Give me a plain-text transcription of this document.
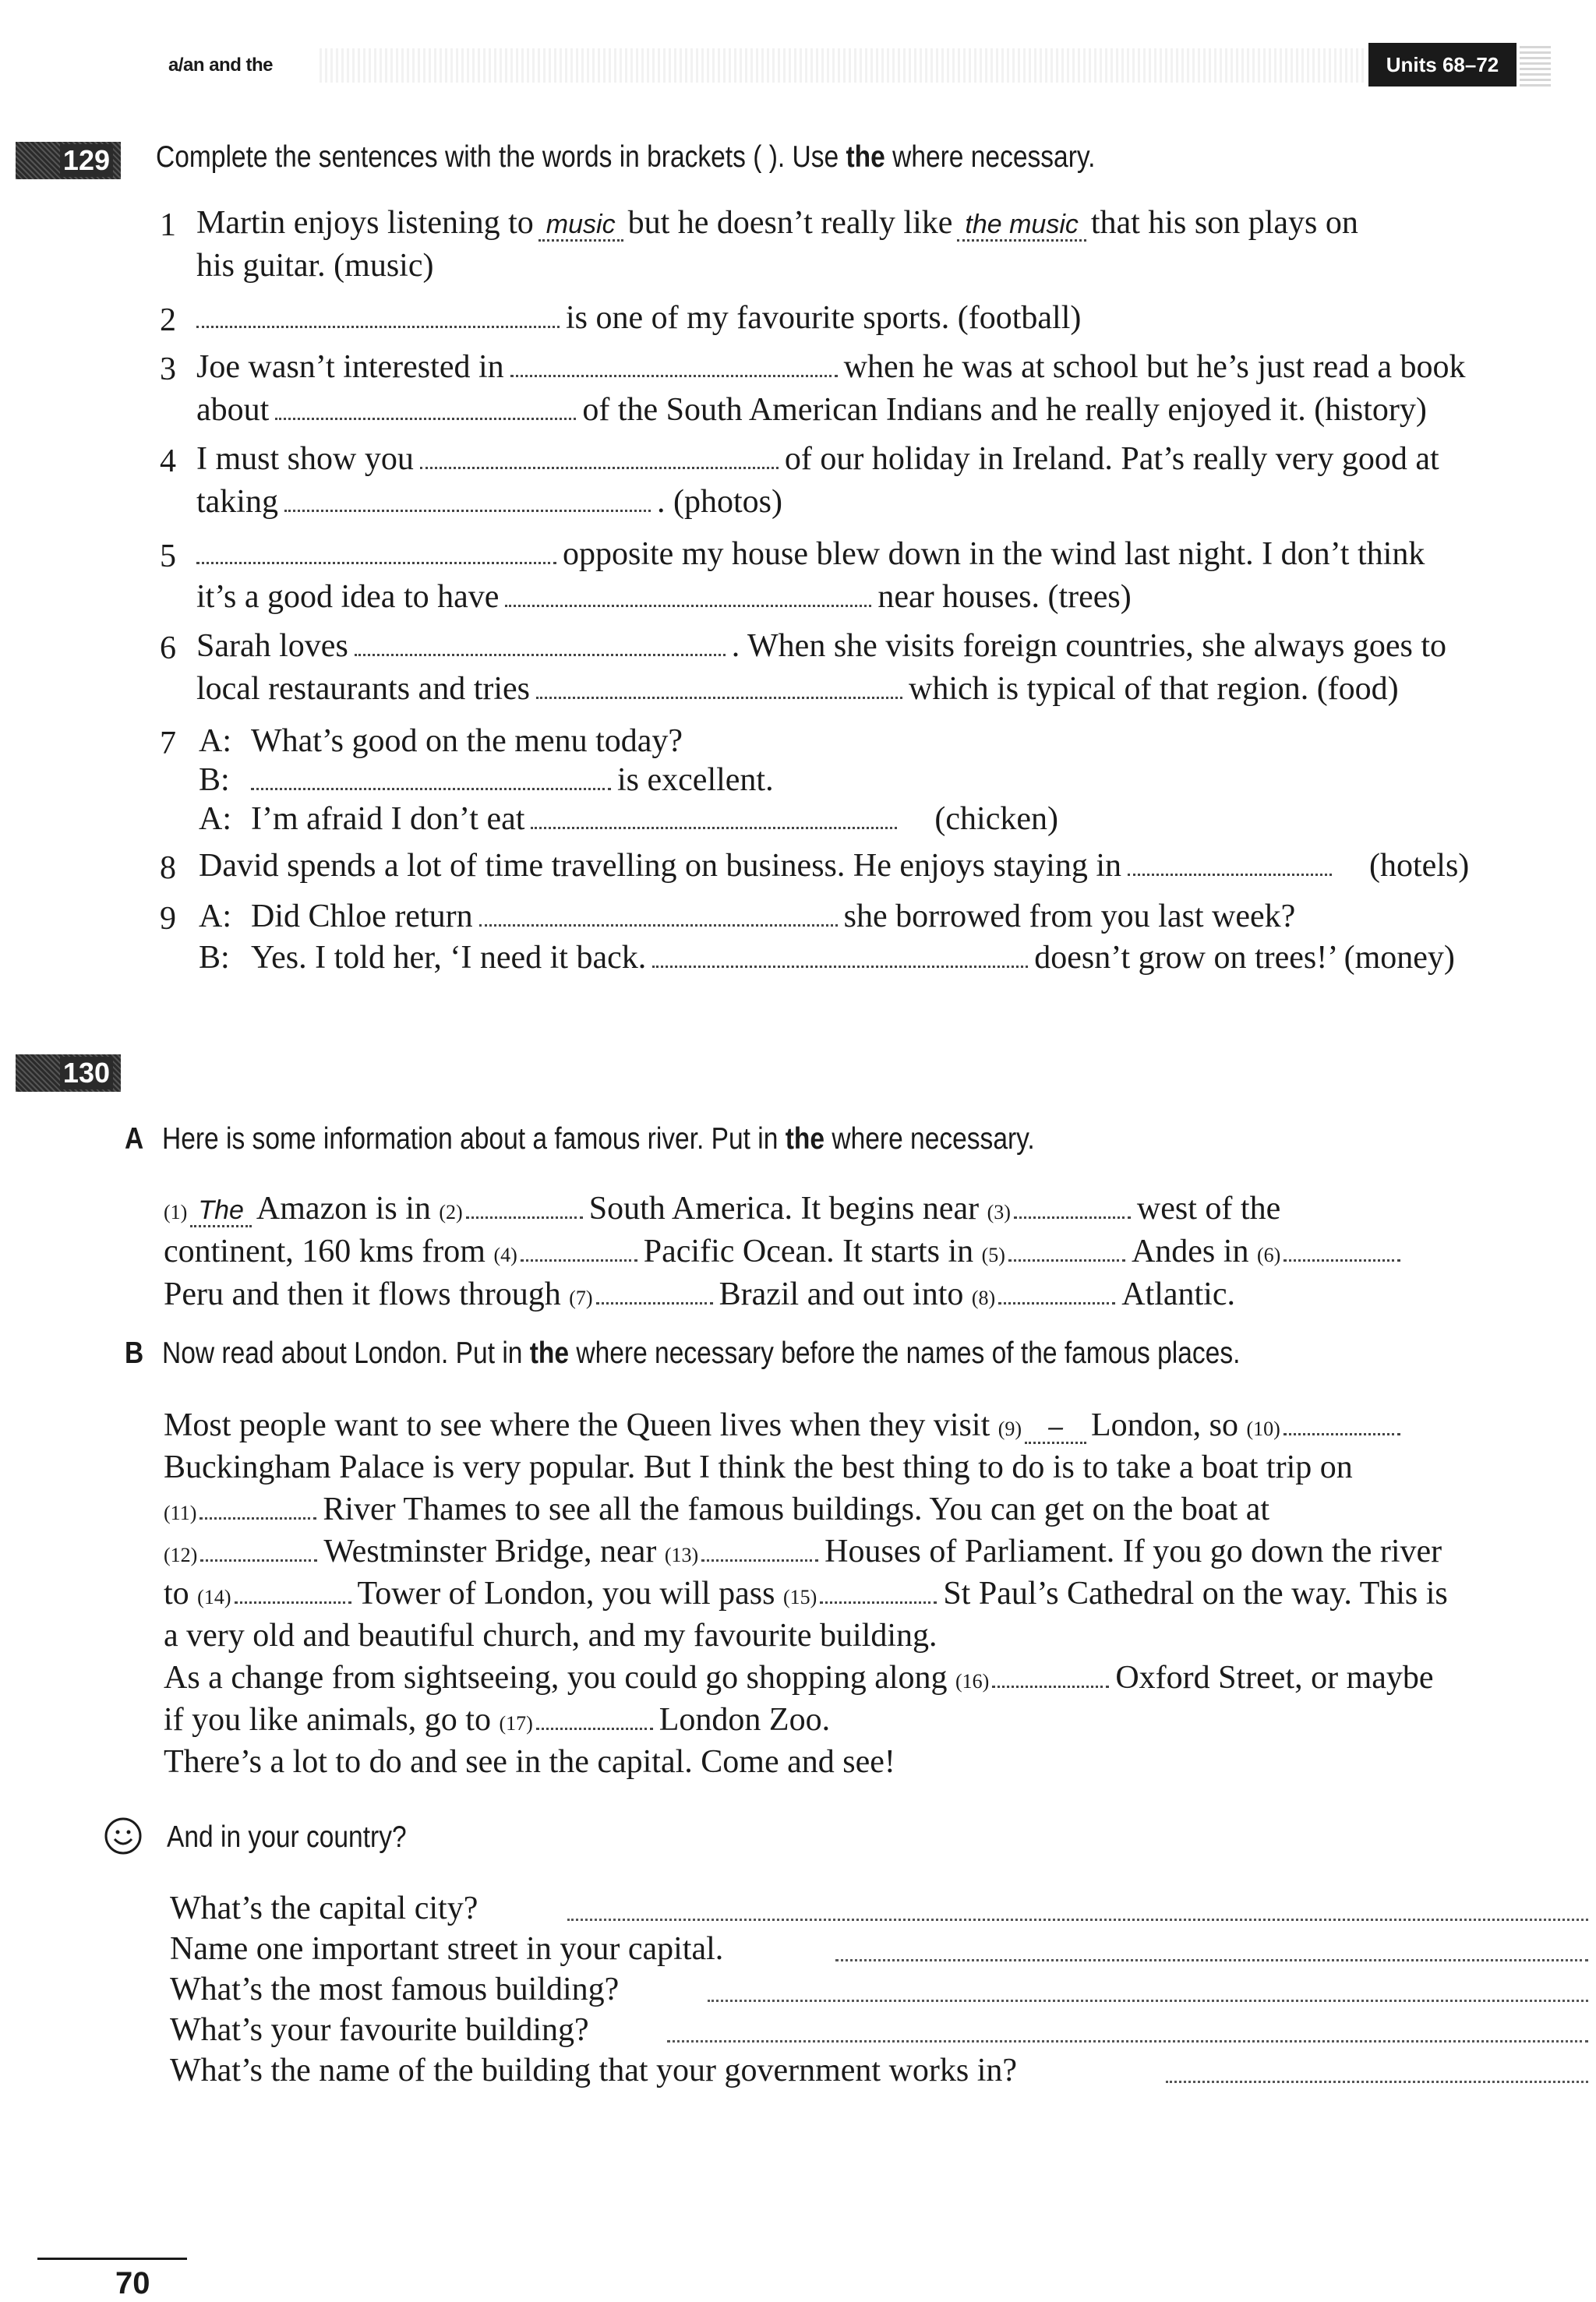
a/an and the	Units 68–72
129 Complete the sentences with the words in brackets ( ). Use the where necessary.
1 Martin enjoys listening to music but he doesn’t really like the music that his son plays on
his guitar. (music)
2	is one of my favourite sports. (football)
3 Joe wasn’t interested in	when he was at school but he’s just read a book
about	of the South American Indians and he really enjoyed it. (history)
4 I must show you	of our holiday in Ireland. Pat’s really very good at
taking	. (photos)
5	opposite my house blew down in the wind last night. I don’t think
it’s a good idea to have	near houses. (trees)
6 Sarah loves	. When she visits foreign countries, she always goes to
local restaurants and tries	which is typical of that region. (food)
7 A: What’s good on the menu today?
B:	is excellent.
A: I’m afraid I don’t eat	(chicken)
8 David spends a lot of time travelling on business. He enjoys staying in	(hotels)
9 A: Did Chloe return	she borrowed from you last week?
B: Yes. I told her, ‘I need it back.	doesn’t grow on trees!’ (money)
130
A Here is some information about a famous river. Put in the where necessary.
(1) The Amazon is in (2)	South America. It begins near (3)	west of the
continent, 160 kms from (4)	Pacific Ocean. It starts in (5)	Andes in (6)
Peru and then it flows through (7)	Brazil and out into (8)	Atlantic.
B Now read about London. Put in the where necessary before the names of the famous places.
Most people want to see where the Queen lives when they visit (9) – London, so (10)
Buckingham Palace is very popular. But I think the best thing to do is to take a boat trip on
(11)	River Thames to see all the famous buildings. You can get on the boat at
(12)	Westminster Bridge, near (13)	Houses of Parliament. If you go down the river
to (14)	Tower of London, you will pass (15)	St Paul’s Cathedral on the way. This is
a very old and beautiful church, and my favourite building.
As a change from sightseeing, you could go shopping along (16)	Oxford Street, or maybe
if you like animals, go to (17)	London Zoo.
There’s a lot to do and see in the capital. Come and see!
And in your country?
What’s the capital city?
Name one important street in your capital.
What’s the most famous building?
What’s your favourite building?
What’s the name of the building that your government works in?
70
